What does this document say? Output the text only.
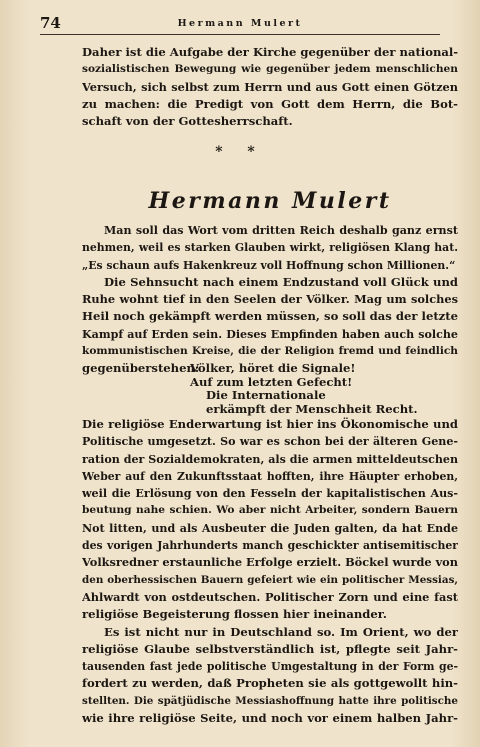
74	Hermann Mulert
Daher ist die Aufgabe der Kirche gegenüber der national-
sozialistischen Bewegung wie gegenüber jedem menschlichen
Versuch, sich selbst zum Herrn und aus Gott einen Götzen
zu machen: die Predigt von Gott dem Herrn, die Bot-
schaft von der Gottesherrschaft.
* *
Hermann Mulert
Man soll das Wort vom dritten Reich deshalb ganz ernst
nehmen, weil es starken Glauben wirkt, religiösen Klang hat.
„Es schaun aufs Hakenkreuz voll Hoffnung schon Millionen.“
Die Sehnsucht nach einem Endzustand voll Glück und
Ruhe wohnt tief in den Seelen der Völker. Mag um solches
Heil noch gekämpft werden müssen, so soll das der letzte
Kampf auf Erden sein. Dieses Empfinden haben auch solche
kommunistischen Kreise, die der Religion fremd und feindlich
gegenüberstehen:
Völker, höret die Signale!
Auf zum letzten Gefecht!
Die Internationale
erkämpft der Menschheit Recht.
Die religiöse Enderwartung ist hier ins Ökonomische und
Politische umgesetzt. So war es schon bei der älteren Gene-
ration der Sozialdemokraten, als die armen mitteldeutschen
Weber auf den Zukunftsstaat hofften, ihre Häupter erhoben,
weil die Erlösung von den Fesseln der kapitalistischen Aus-
beutung nahe schien. Wo aber nicht Arbeiter, sondern Bauern
Not litten, und als Ausbeuter die Juden galten, da hat Ende
des vorigen Jahrhunderts manch geschickter antisemitischer
Volksredner erstaunliche Erfolge erzielt. Böckel wurde von
den oberhessischen Bauern gefeiert wie ein politischer Messias,
Ahlwardt von ostdeutschen. Politischer Zorn und eine fast
religiöse Begeisterung flossen hier ineinander.
Es ist nicht nur in Deutschland so. Im Orient, wo der
religiöse Glaube selbstverständlich ist, pflegte seit Jahr-
tausenden fast jede politische Umgestaltung in der Form ge-
fordert zu werden, daß Propheten sie als gottgewollt hin-
stellten. Die spätjüdische Messiashoffnung hatte ihre politische
wie ihre religiöse Seite, und noch vor einem halben Jahr-
